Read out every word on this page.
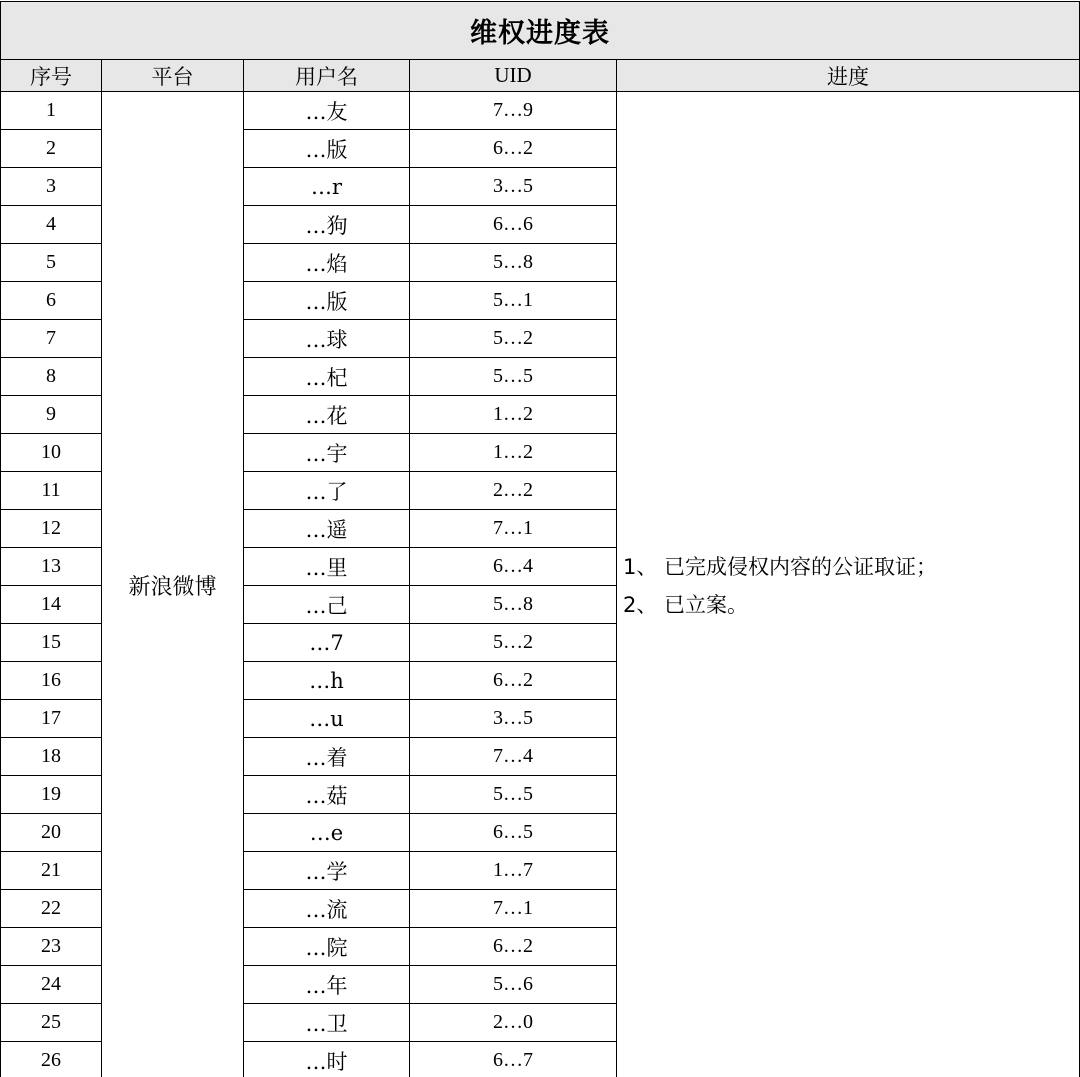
维权进度表				
序号	平台	用户名	UID	进度
1	新浪微博	…友	7…9	1、 已完成侵权内容的公证取证；
2、 已立案。

2		…版	6…2	
3		…r	3…5	
4		…狗	6…6	
5		…焰	5…8	
6		…版	5…1	
7		…球	5…2	
8		…杞	5…5	
9		…花	1…2	
10		…宇	1…2	
11		…了	2…2	
12		…遥	7…1	
13		…里	6…4	
14		…己	5…8	
15		…7	5…2	
16		…h	6…2	
17		…u	3…5	
18		…着	7…4	
19		…菇	5…5	
20		…e	6…5	
21		…学	1…7	
22		…流	7…1	
23		…院	6…2	
24		…年	5…6	
25		…卫	2…0	
26		…时	6…7	
